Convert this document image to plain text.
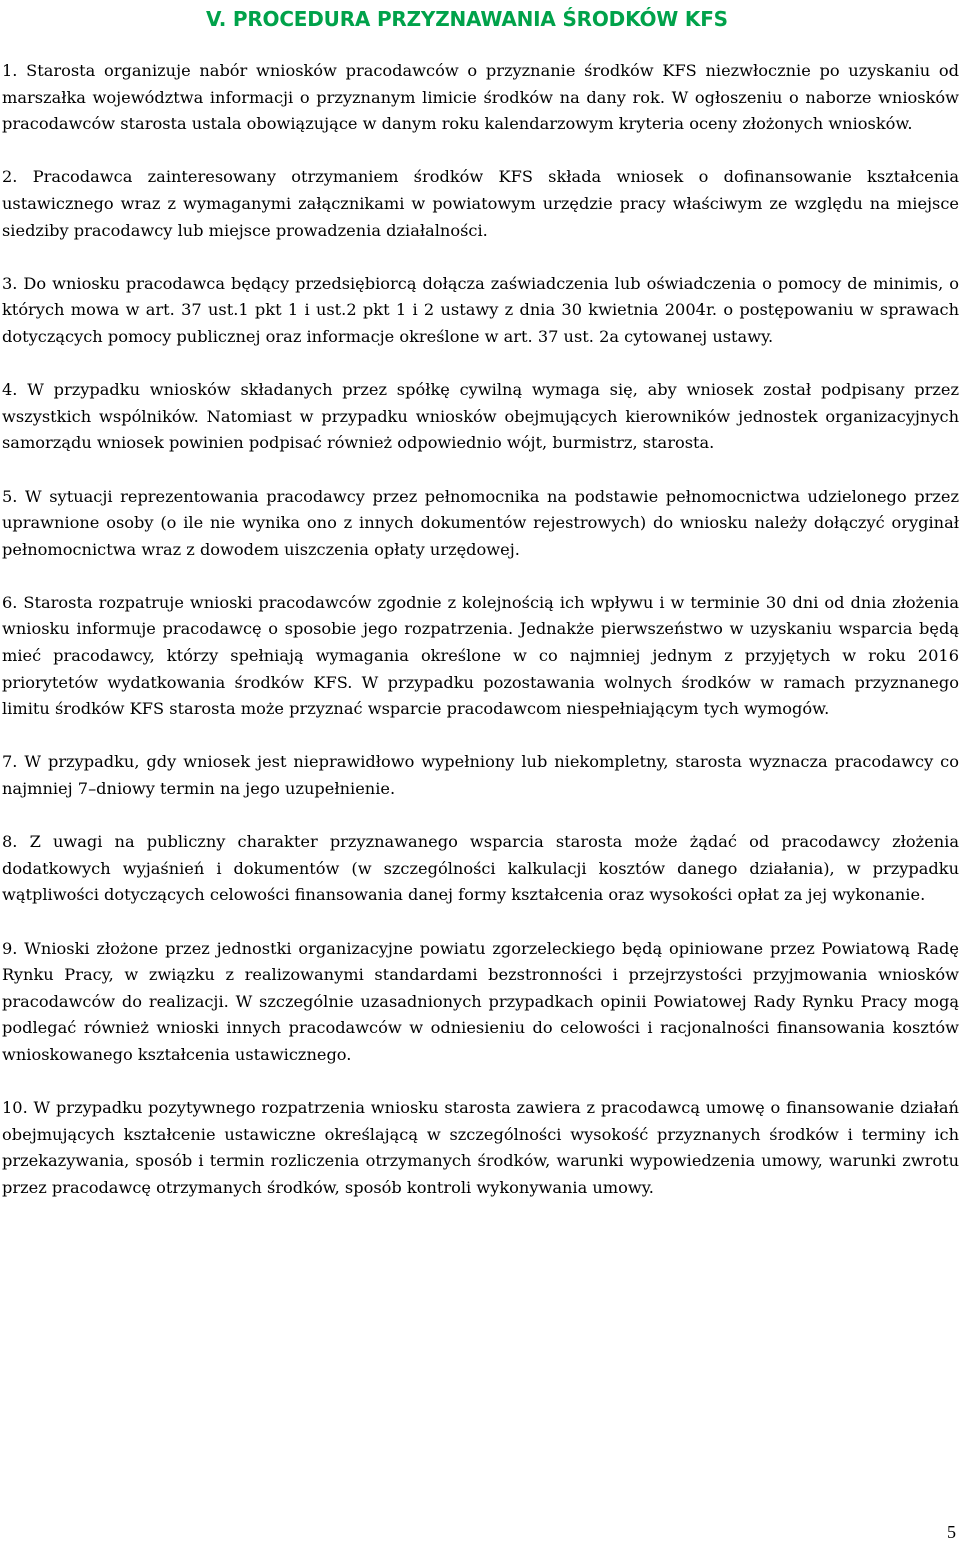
V. PROCEDURA PRZYZNAWANIA ŚRODKÓW KFS

1. Starosta organizuje nabór wniosków pracodawców o przyznanie środków KFS niezwłocznie po uzyskaniu od marszałka województwa informacji o przyznanym limicie środków na dany rok. W ogłoszeniu o naborze wniosków pracodawców starosta ustala obowiązujące w danym roku kalendarzowym kryteria oceny złożonych wniosków.

2. Pracodawca zainteresowany otrzymaniem środków KFS składa wniosek o dofinansowanie kształcenia ustawicznego wraz z wymaganymi załącznikami w powiatowym urzędzie pracy właściwym ze względu na miejsce siedziby pracodawcy lub miejsce prowadzenia działalności.

3. Do wniosku pracodawca będący przedsiębiorcą dołącza zaświadczenia lub oświadczenia o pomocy de minimis, o których mowa w art. 37 ust.1 pkt 1 i ust.2 pkt 1 i 2 ustawy z dnia 30 kwietnia 2004r. o postępowaniu w sprawach dotyczących pomocy publicznej oraz informacje określone w art. 37 ust. 2a cytowanej ustawy.

4. W przypadku wniosków składanych przez spółkę cywilną wymaga się, aby wniosek został podpisany przez wszystkich wspólników. Natomiast w przypadku wniosków obejmujących kierowników jednostek organizacyjnych samorządu wniosek powinien podpisać również odpowiednio wójt, burmistrz, starosta.

5. W sytuacji reprezentowania pracodawcy przez pełnomocnika na podstawie pełnomocnictwa udzielonego przez uprawnione osoby (o ile nie wynika ono z innych dokumentów rejestrowych) do wniosku należy dołączyć oryginał pełnomocnictwa wraz z dowodem uiszczenia opłaty urzędowej.

6. Starosta rozpatruje wnioski pracodawców zgodnie z kolejnością ich wpływu i w terminie 30 dni od dnia złożenia wniosku informuje pracodawcę o sposobie jego rozpatrzenia. Jednakże pierwszeństwo w uzyskaniu wsparcia będą mieć pracodawcy, którzy spełniają wymagania określone w co najmniej jednym z przyjętych w roku 2016 priorytetów wydatkowania środków KFS. W przypadku pozostawania wolnych środków w ramach przyznanego limitu środków KFS starosta może przyznać wsparcie pracodawcom niespełniającym tych wymogów.

7. W przypadku, gdy wniosek jest nieprawidłowo wypełniony lub niekompletny, starosta wyznacza pracodawcy co najmniej 7–dniowy termin na jego uzupełnienie.

8. Z uwagi na publiczny charakter przyznawanego wsparcia starosta może żądać od pracodawcy złożenia dodatkowych wyjaśnień i dokumentów (w szczególności kalkulacji kosztów danego działania), w przypadku wątpliwości dotyczących celowości finansowania danej formy kształcenia oraz wysokości opłat za jej wykonanie.

9. Wnioski złożone przez jednostki organizacyjne powiatu zgorzeleckiego będą opiniowane przez Powiatową Radę Rynku Pracy, w związku z realizowanymi standardami bezstronności i przejrzystości przyjmowania wniosków pracodawców do realizacji. W szczególnie uzasadnionych przypadkach opinii Powiatowej Rady Rynku Pracy mogą podlegać również wnioski innych pracodawców w odniesieniu do celowości i racjonalności finansowania kosztów wnioskowanego kształcenia ustawicznego.

10. W przypadku pozytywnego rozpatrzenia wniosku starosta zawiera z pracodawcą umowę o finansowanie działań obejmujących kształcenie ustawiczne określającą w szczególności wysokość przyznanych środków i terminy ich przekazywania, sposób i termin rozliczenia otrzymanych środków, warunki wypowiedzenia umowy, warunki zwrotu przez pracodawcę otrzymanych środków, sposób kontroli wykonywania umowy.

5
